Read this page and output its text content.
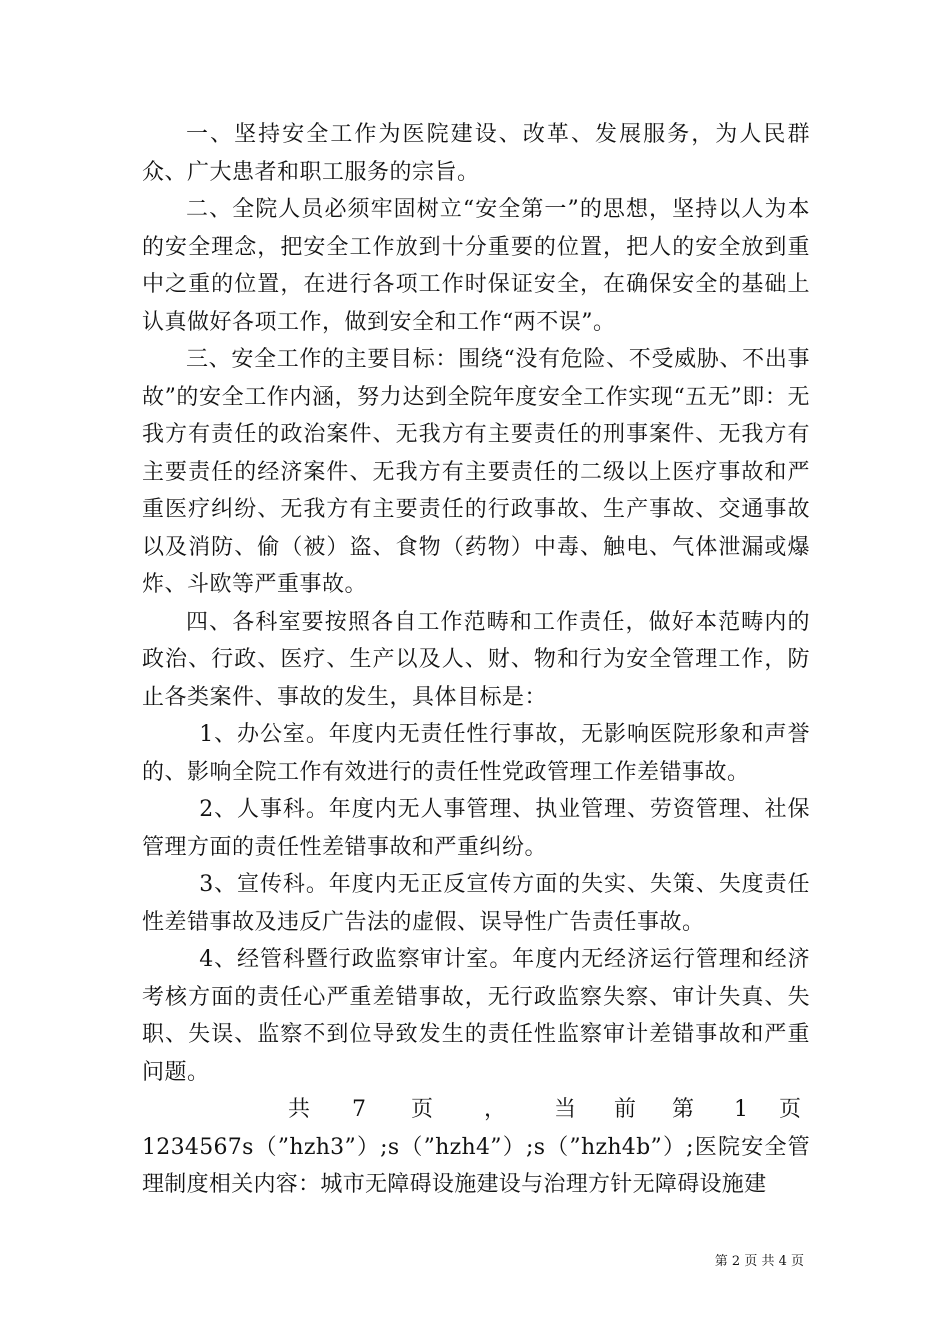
一、坚持安全工作为医院建设、改革、发展服务，为人民群众、广大患者和职工服务的宗旨。

二、全院人员必须牢固树立“安全第一”的思想，坚持以人为本的安全理念，把安全工作放到十分重要的位置，把人的安全放到重中之重的位置，在进行各项工作时保证安全，在确保安全的基础上认真做好各项工作，做到安全和工作“两不误”。

三、安全工作的主要目标：围绕“没有危险、不受威胁、不出事故”的安全工作内涵，努力达到全院年度安全工作实现“五无”即：无我方有责任的政治案件、无我方有主要责任的刑事案件、无我方有主要责任的经济案件、无我方有主要责任的二级以上医疗事故和严重医疗纠纷、无我方有主要责任的行政事故、生产事故、交通事故以及消防、偷（被）盗、食物（药物）中毒、触电、气体泄漏或爆炸、斗欧等严重事故。

四、各科室要按照各自工作范畴和工作责任，做好本范畴内的政治、行政、医疗、生产以及人、财、物和行为安全管理工作，防止各类案件、事故的发生，具体目标是：

1、办公室。年度内无责任性行事故，无影响医院形象和声誉的、影响全院工作有效进行的责任性党政管理工作差错事故。

2、人事科。年度内无人事管理、执业管理、劳资管理、社保管理方面的责任性差错事故和严重纠纷。

3、宣传科。年度内无正反宣传方面的失实、失策、失度责任性差错事故及违反广告法的虚假、误导性广告责任事故。

4、经管科暨行政监察审计室。年度内无经济运行管理和经济考核方面的责任心严重差错事故，无行政监察失察、审计失真、失职、失误、监察不到位导致发生的责任性监察审计差错事故和严重问题。

共	7	页	，	当	前	第	1	页

1234567s（”hzh3”）;s（”hzh4”）;s（”hzh4b”）;医院安全管理制度相关内容：城市无障碍设施建设与治理方针无障碍设施建

第 2 页 共 4 页
